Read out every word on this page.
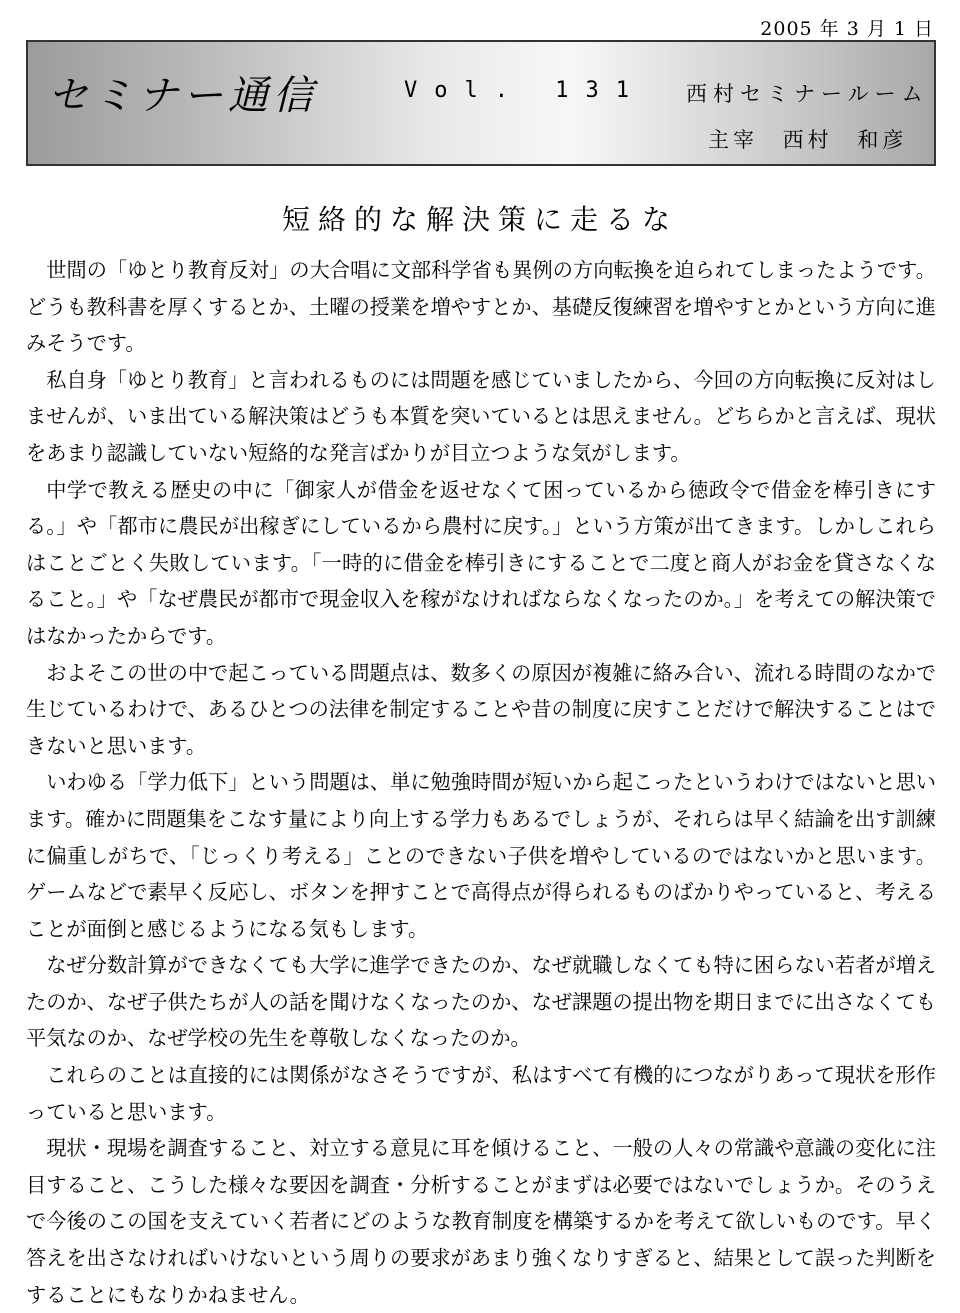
2005 年 3 月 1 日
セミナー通信	Vol. 131 西村セミナールーム
主宰 西村 和彦
短絡的な解決策に走るな

世間の「ゆとり教育反対」の大合唱に文部科学省も異例の方向転換を迫られてしまったようです。どうも教科書を厚くするとか、土曜の授業を増やすとか、基礎反復練習を増やすとかという方向に進みそうです。

私自身「ゆとり教育」と言われるものには問題を感じていましたから、今回の方向転換に反対はしませんが、いま出ている解決策はどうも本質を突いているとは思えません。どちらかと言えば、現状をあまり認識していない短絡的な発言ばかりが目立つような気がします。

中学で教える歴史の中に「御家人が借金を返せなくて困っているから徳政令で借金を棒引きにする。」や「都市に農民が出稼ぎにしているから農村に戻す。」という方策が出てきます。しかしこれらはことごとく失敗しています。「一時的に借金を棒引きにすることで二度と商人がお金を貸さなくなること。」や「なぜ農民が都市で現金収入を稼がなければならなくなったのか。」を考えての解決策ではなかったからです。

およそこの世の中で起こっている問題点は、数多くの原因が複雑に絡み合い、流れる時間のなかで生じているわけで、あるひとつの法律を制定することや昔の制度に戻すことだけで解決することはできないと思います。

いわゆる「学力低下」という問題は、単に勉強時間が短いから起こったというわけではないと思います。確かに問題集をこなす量により向上する学力もあるでしょうが、それらは早く結論を出す訓練に偏重しがちで、「じっくり考える」ことのできない子供を増やしているのではないかと思います。ゲームなどで素早く反応し、ボタンを押すことで高得点が得られるものばかりやっていると、考えることが面倒と感じるようになる気もします。

なぜ分数計算ができなくても大学に進学できたのか、なぜ就職しなくても特に困らない若者が増えたのか、なぜ子供たちが人の話を聞けなくなったのか、なぜ課題の提出物を期日までに出さなくても平気なのか、なぜ学校の先生を尊敬しなくなったのか。

これらのことは直接的には関係がなさそうですが、私はすべて有機的につながりあって現状を形作っていると思います。

現状・現場を調査すること、対立する意見に耳を傾けること、一般の人々の常識や意識の変化に注目すること、こうした様々な要因を調査・分析することがまずは必要ではないでしょうか。そのうえで今後のこの国を支えていく若者にどのような教育制度を構築するかを考えて欲しいものです。早く答えを出さなければいけないという周りの要求があまり強くなりすぎると、結果として誤った判断をすることにもなりかねません。
